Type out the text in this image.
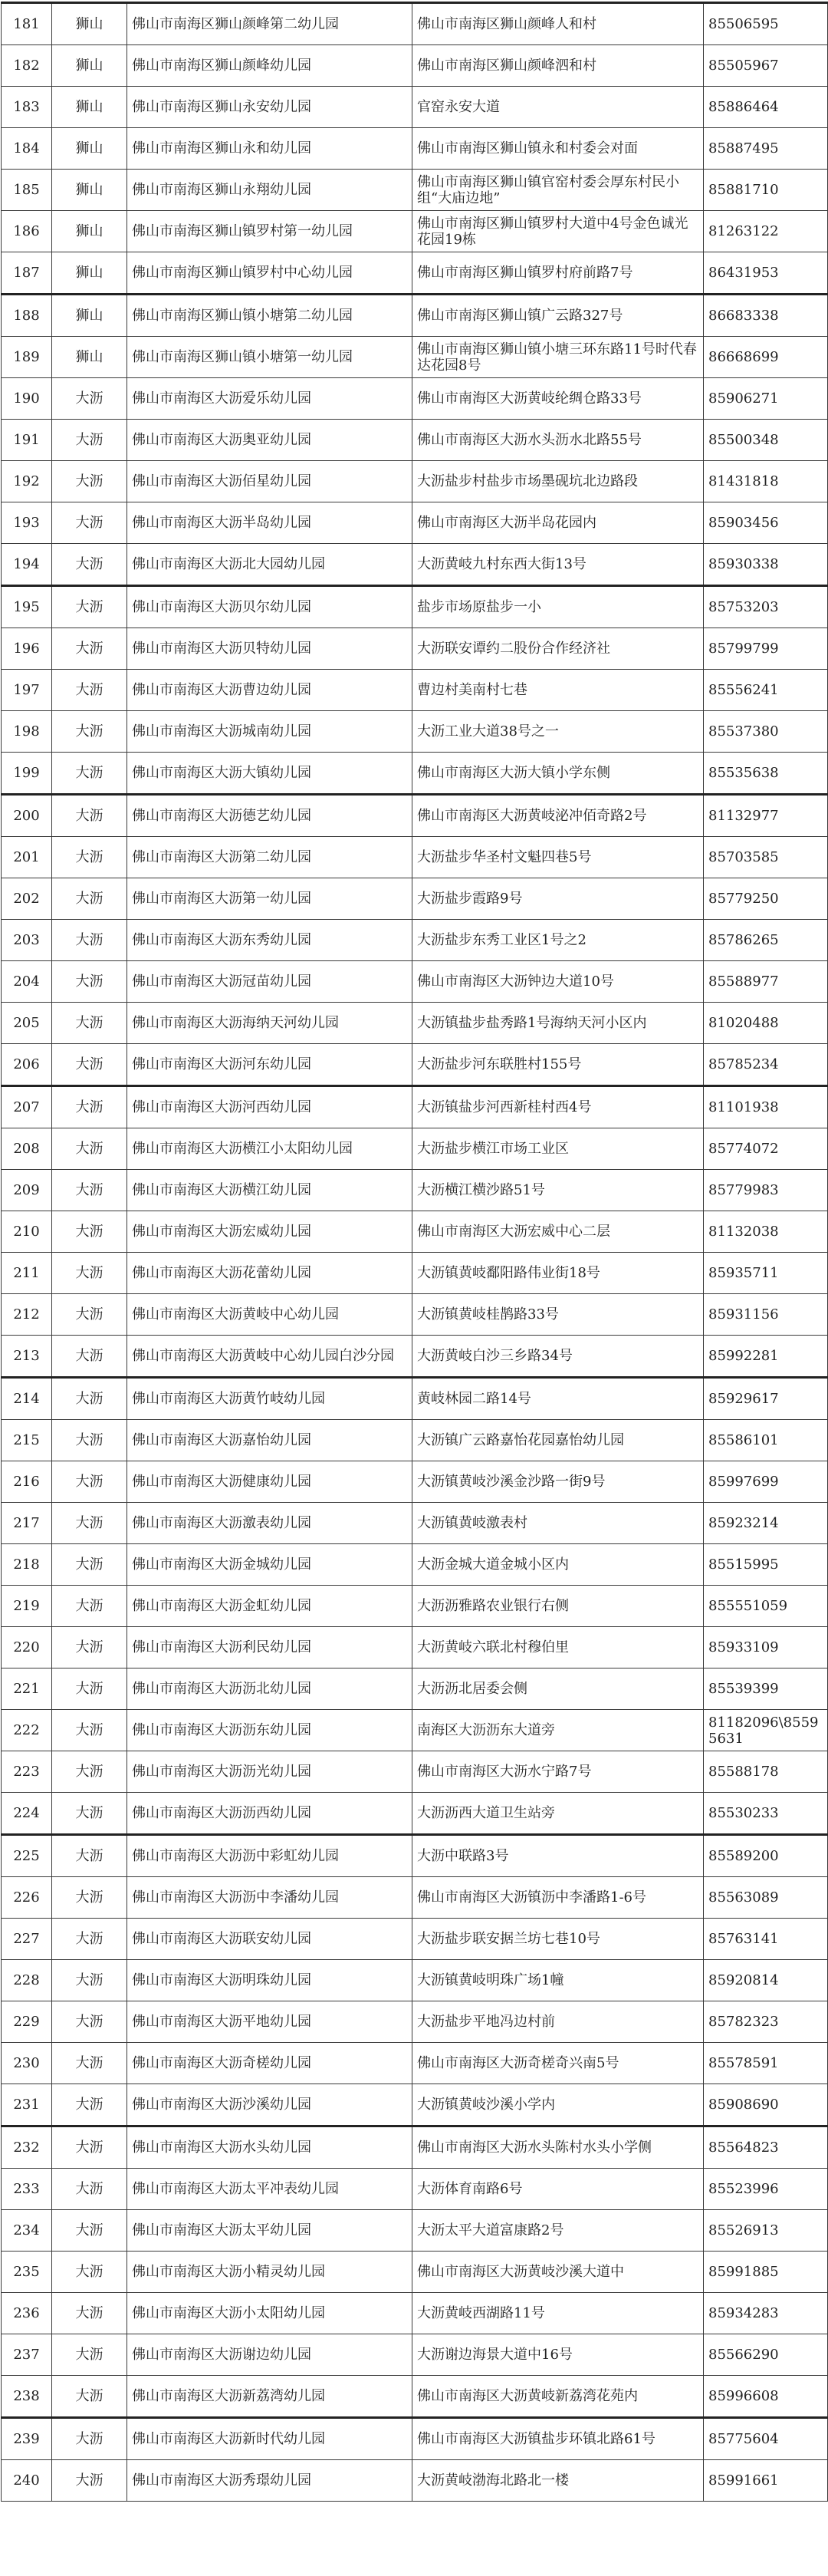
181	狮山	佛山市南海区狮山颜峰第二幼儿园	佛山市南海区狮山颜峰人和村	85506595
182	狮山	佛山市南海区狮山颜峰幼儿园	佛山市南海区狮山颜峰泗和村	85505967
183	狮山	佛山市南海区狮山永安幼儿园	官窑永安大道	85886464
184	狮山	佛山市南海区狮山永和幼儿园	佛山市南海区狮山镇永和村委会对面	85887495
185	狮山	佛山市南海区狮山永翔幼儿园	佛山市南海区狮山镇官窑村委会厚东村民小组“大庙边地”	85881710
186	狮山	佛山市南海区狮山镇罗村第一幼儿园	佛山市南海区狮山镇罗村大道中4号金色诚光花园19栋	81263122
187	狮山	佛山市南海区狮山镇罗村中心幼儿园	佛山市南海区狮山镇罗村府前路7号	86431953
188	狮山	佛山市南海区狮山镇小塘第二幼儿园	佛山市南海区狮山镇广云路327号	86683338
189	狮山	佛山市南海区狮山镇小塘第一幼儿园	佛山市南海区狮山镇小塘三环东路11号时代春达花园8号	86668699
190	大沥	佛山市南海区大沥爱乐幼儿园	佛山市南海区大沥黄岐纶绸仓路33号	85906271
191	大沥	佛山市南海区大沥奥亚幼儿园	佛山市南海区大沥水头沥水北路55号	85500348
192	大沥	佛山市南海区大沥佰星幼儿园	大沥盐步村盐步市场墨砚坑北边路段	81431818
193	大沥	佛山市南海区大沥半岛幼儿园	佛山市南海区大沥半岛花园内	85903456
194	大沥	佛山市南海区大沥北大园幼儿园	大沥黄岐九村东西大街13号	85930338
195	大沥	佛山市南海区大沥贝尔幼儿园	盐步市场原盐步一小	85753203
196	大沥	佛山市南海区大沥贝特幼儿园	大沥联安谭约二股份合作经济社	85799799
197	大沥	佛山市南海区大沥曹边幼儿园	曹边村美南村七巷	85556241
198	大沥	佛山市南海区大沥城南幼儿园	大沥工业大道38号之一	85537380
199	大沥	佛山市南海区大沥大镇幼儿园	佛山市南海区大沥大镇小学东侧	85535638
200	大沥	佛山市南海区大沥德艺幼儿园	佛山市南海区大沥黄岐泌冲佰奇路2号	81132977
201	大沥	佛山市南海区大沥第二幼儿园	大沥盐步华圣村文魁四巷5号	85703585
202	大沥	佛山市南海区大沥第一幼儿园	大沥盐步霞路9号	85779250
203	大沥	佛山市南海区大沥东秀幼儿园	大沥盐步东秀工业区1号之2	85786265
204	大沥	佛山市南海区大沥冠苗幼儿园	佛山市南海区大沥钟边大道10号	85588977
205	大沥	佛山市南海区大沥海纳天河幼儿园	大沥镇盐步盐秀路1号海纳天河小区内	81020488
206	大沥	佛山市南海区大沥河东幼儿园	大沥盐步河东联胜村155号	85785234
207	大沥	佛山市南海区大沥河西幼儿园	大沥镇盐步河西新桂村西4号	81101938
208	大沥	佛山市南海区大沥横江小太阳幼儿园	大沥盐步横江市场工业区	85774072
209	大沥	佛山市南海区大沥横江幼儿园	大沥横江横沙路51号	85779983
210	大沥	佛山市南海区大沥宏威幼儿园	佛山市南海区大沥宏威中心二层	81132038
211	大沥	佛山市南海区大沥花蕾幼儿园	大沥镇黄岐鄱阳路伟业街18号	85935711
212	大沥	佛山市南海区大沥黄岐中心幼儿园	大沥镇黄岐桂鹊路33号	85931156
213	大沥	佛山市南海区大沥黄岐中心幼儿园白沙分园	大沥黄岐白沙三乡路34号	85992281
214	大沥	佛山市南海区大沥黄竹岐幼儿园	黄岐林园二路14号	85929617
215	大沥	佛山市南海区大沥嘉怡幼儿园	大沥镇广云路嘉怡花园嘉怡幼儿园	85586101
216	大沥	佛山市南海区大沥健康幼儿园	大沥镇黄岐沙溪金沙路一街9号	85997699
217	大沥	佛山市南海区大沥激表幼儿园	大沥镇黄岐激表村	85923214
218	大沥	佛山市南海区大沥金城幼儿园	大沥金城大道金城小区内	85515995
219	大沥	佛山市南海区大沥金虹幼儿园	大沥沥雅路农业银行右侧	855551059
220	大沥	佛山市南海区大沥利民幼儿园	大沥黄岐六联北村穆伯里	85933109
221	大沥	佛山市南海区大沥沥北幼儿园	大沥沥北居委会侧	85539399
222	大沥	佛山市南海区大沥沥东幼儿园	南海区大沥沥东大道旁	81182096\85595631
223	大沥	佛山市南海区大沥沥光幼儿园	佛山市南海区大沥水宁路7号	85588178
224	大沥	佛山市南海区大沥沥西幼儿园	大沥沥西大道卫生站旁	85530233
225	大沥	佛山市南海区大沥沥中彩虹幼儿园	大沥中联路3号	85589200
226	大沥	佛山市南海区大沥沥中李潘幼儿园	佛山市南海区大沥镇沥中李潘路1-6号	85563089
227	大沥	佛山市南海区大沥联安幼儿园	大沥盐步联安据兰坊七巷10号	85763141
228	大沥	佛山市南海区大沥明珠幼儿园	大沥镇黄岐明珠广场1幢	85920814
229	大沥	佛山市南海区大沥平地幼儿园	大沥盐步平地冯边村前	85782323
230	大沥	佛山市南海区大沥奇槎幼儿园	佛山市南海区大沥奇槎奇兴南5号	85578591
231	大沥	佛山市南海区大沥沙溪幼儿园	大沥镇黄岐沙溪小学内	85908690
232	大沥	佛山市南海区大沥水头幼儿园	佛山市南海区大沥水头陈村水头小学侧	85564823
233	大沥	佛山市南海区大沥太平冲表幼儿园	大沥体育南路6号	85523996
234	大沥	佛山市南海区大沥太平幼儿园	大沥太平大道富康路2号	85526913
235	大沥	佛山市南海区大沥小精灵幼儿园	佛山市南海区大沥黄岐沙溪大道中	85991885
236	大沥	佛山市南海区大沥小太阳幼儿园	大沥黄岐西湖路11号	85934283
237	大沥	佛山市南海区大沥谢边幼儿园	大沥谢边海景大道中16号	85566290
238	大沥	佛山市南海区大沥新荔湾幼儿园	佛山市南海区大沥黄岐新荔湾花苑内	85996608
239	大沥	佛山市南海区大沥新时代幼儿园	佛山市南海区大沥镇盐步环镇北路61号	85775604
240	大沥	佛山市南海区大沥秀璟幼儿园	大沥黄岐渤海北路北一楼	85991661
